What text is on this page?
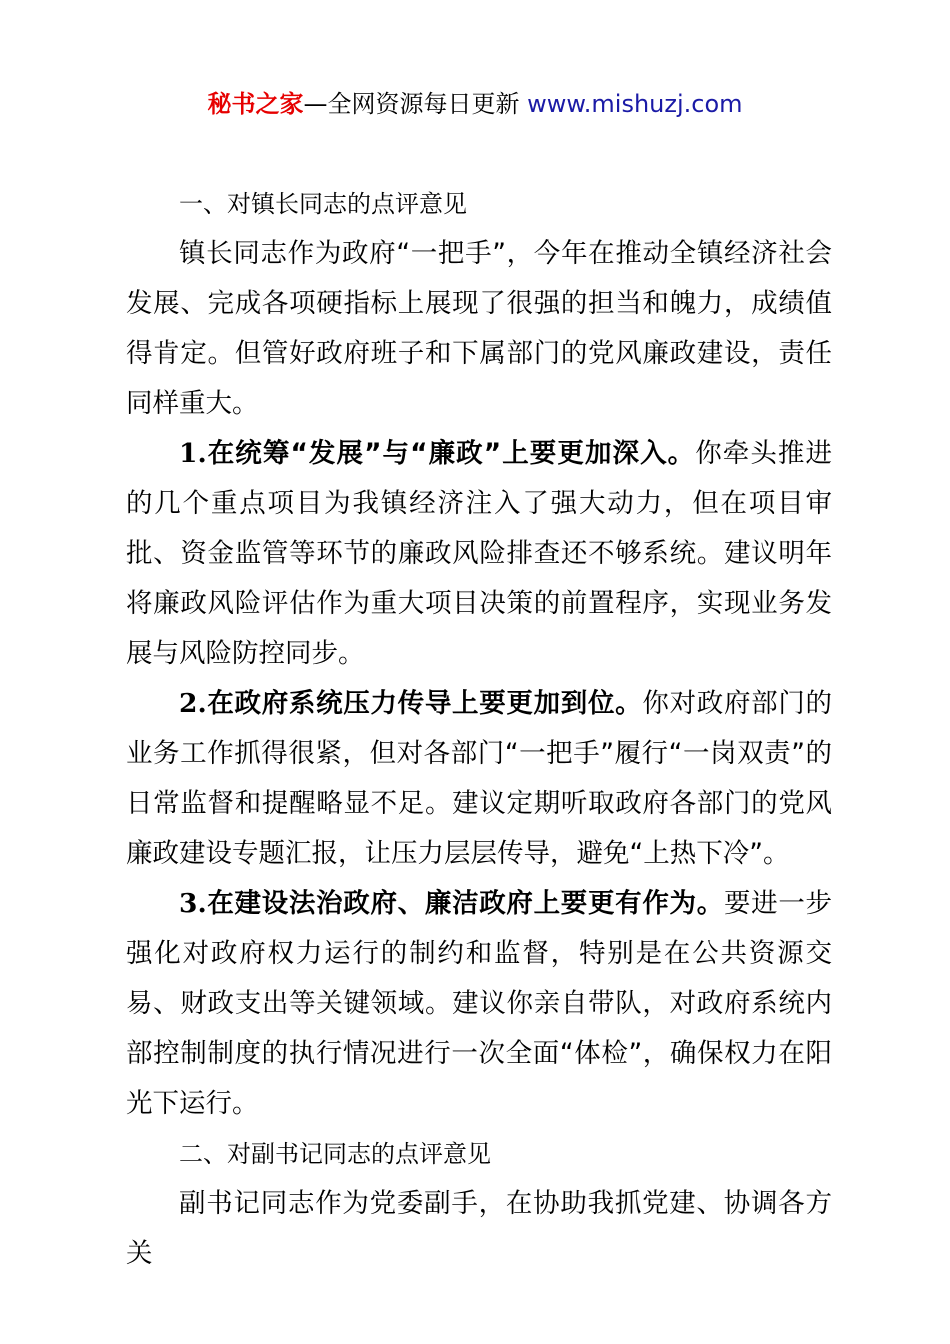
秘书之家—全网资源每日更新 www.mishuzj.com

一、对镇长同志的点评意见

镇长同志作为政府“一把手”，今年在推动全镇经济社会发展、完成各项硬指标上展现了很强的担当和魄力，成绩值得肯定。但管好政府班子和下属部门的党风廉政建设，责任同样重大。

1.在统筹“发展”与“廉政”上要更加深入。你牵头推进的几个重点项目为我镇经济注入了强大动力，但在项目审批、资金监管等环节的廉政风险排查还不够系统。建议明年将廉政风险评估作为重大项目决策的前置程序，实现业务发展与风险防控同步。

2.在政府系统压力传导上要更加到位。你对政府部门的业务工作抓得很紧，但对各部门“一把手”履行“一岗双责”的日常监督和提醒略显不足。建议定期听取政府各部门的党风廉政建设专题汇报，让压力层层传导，避免“上热下冷”。

3.在建设法治政府、廉洁政府上要更有作为。要进一步强化对政府权力运行的制约和监督，特别是在公共资源交易、财政支出等关键领域。建议你亲自带队，对政府系统内部控制制度的执行情况进行一次全面“体检”，确保权力在阳光下运行。

二、对副书记同志的点评意见

副书记同志作为党委副手，在协助我抓党建、协调各方关
